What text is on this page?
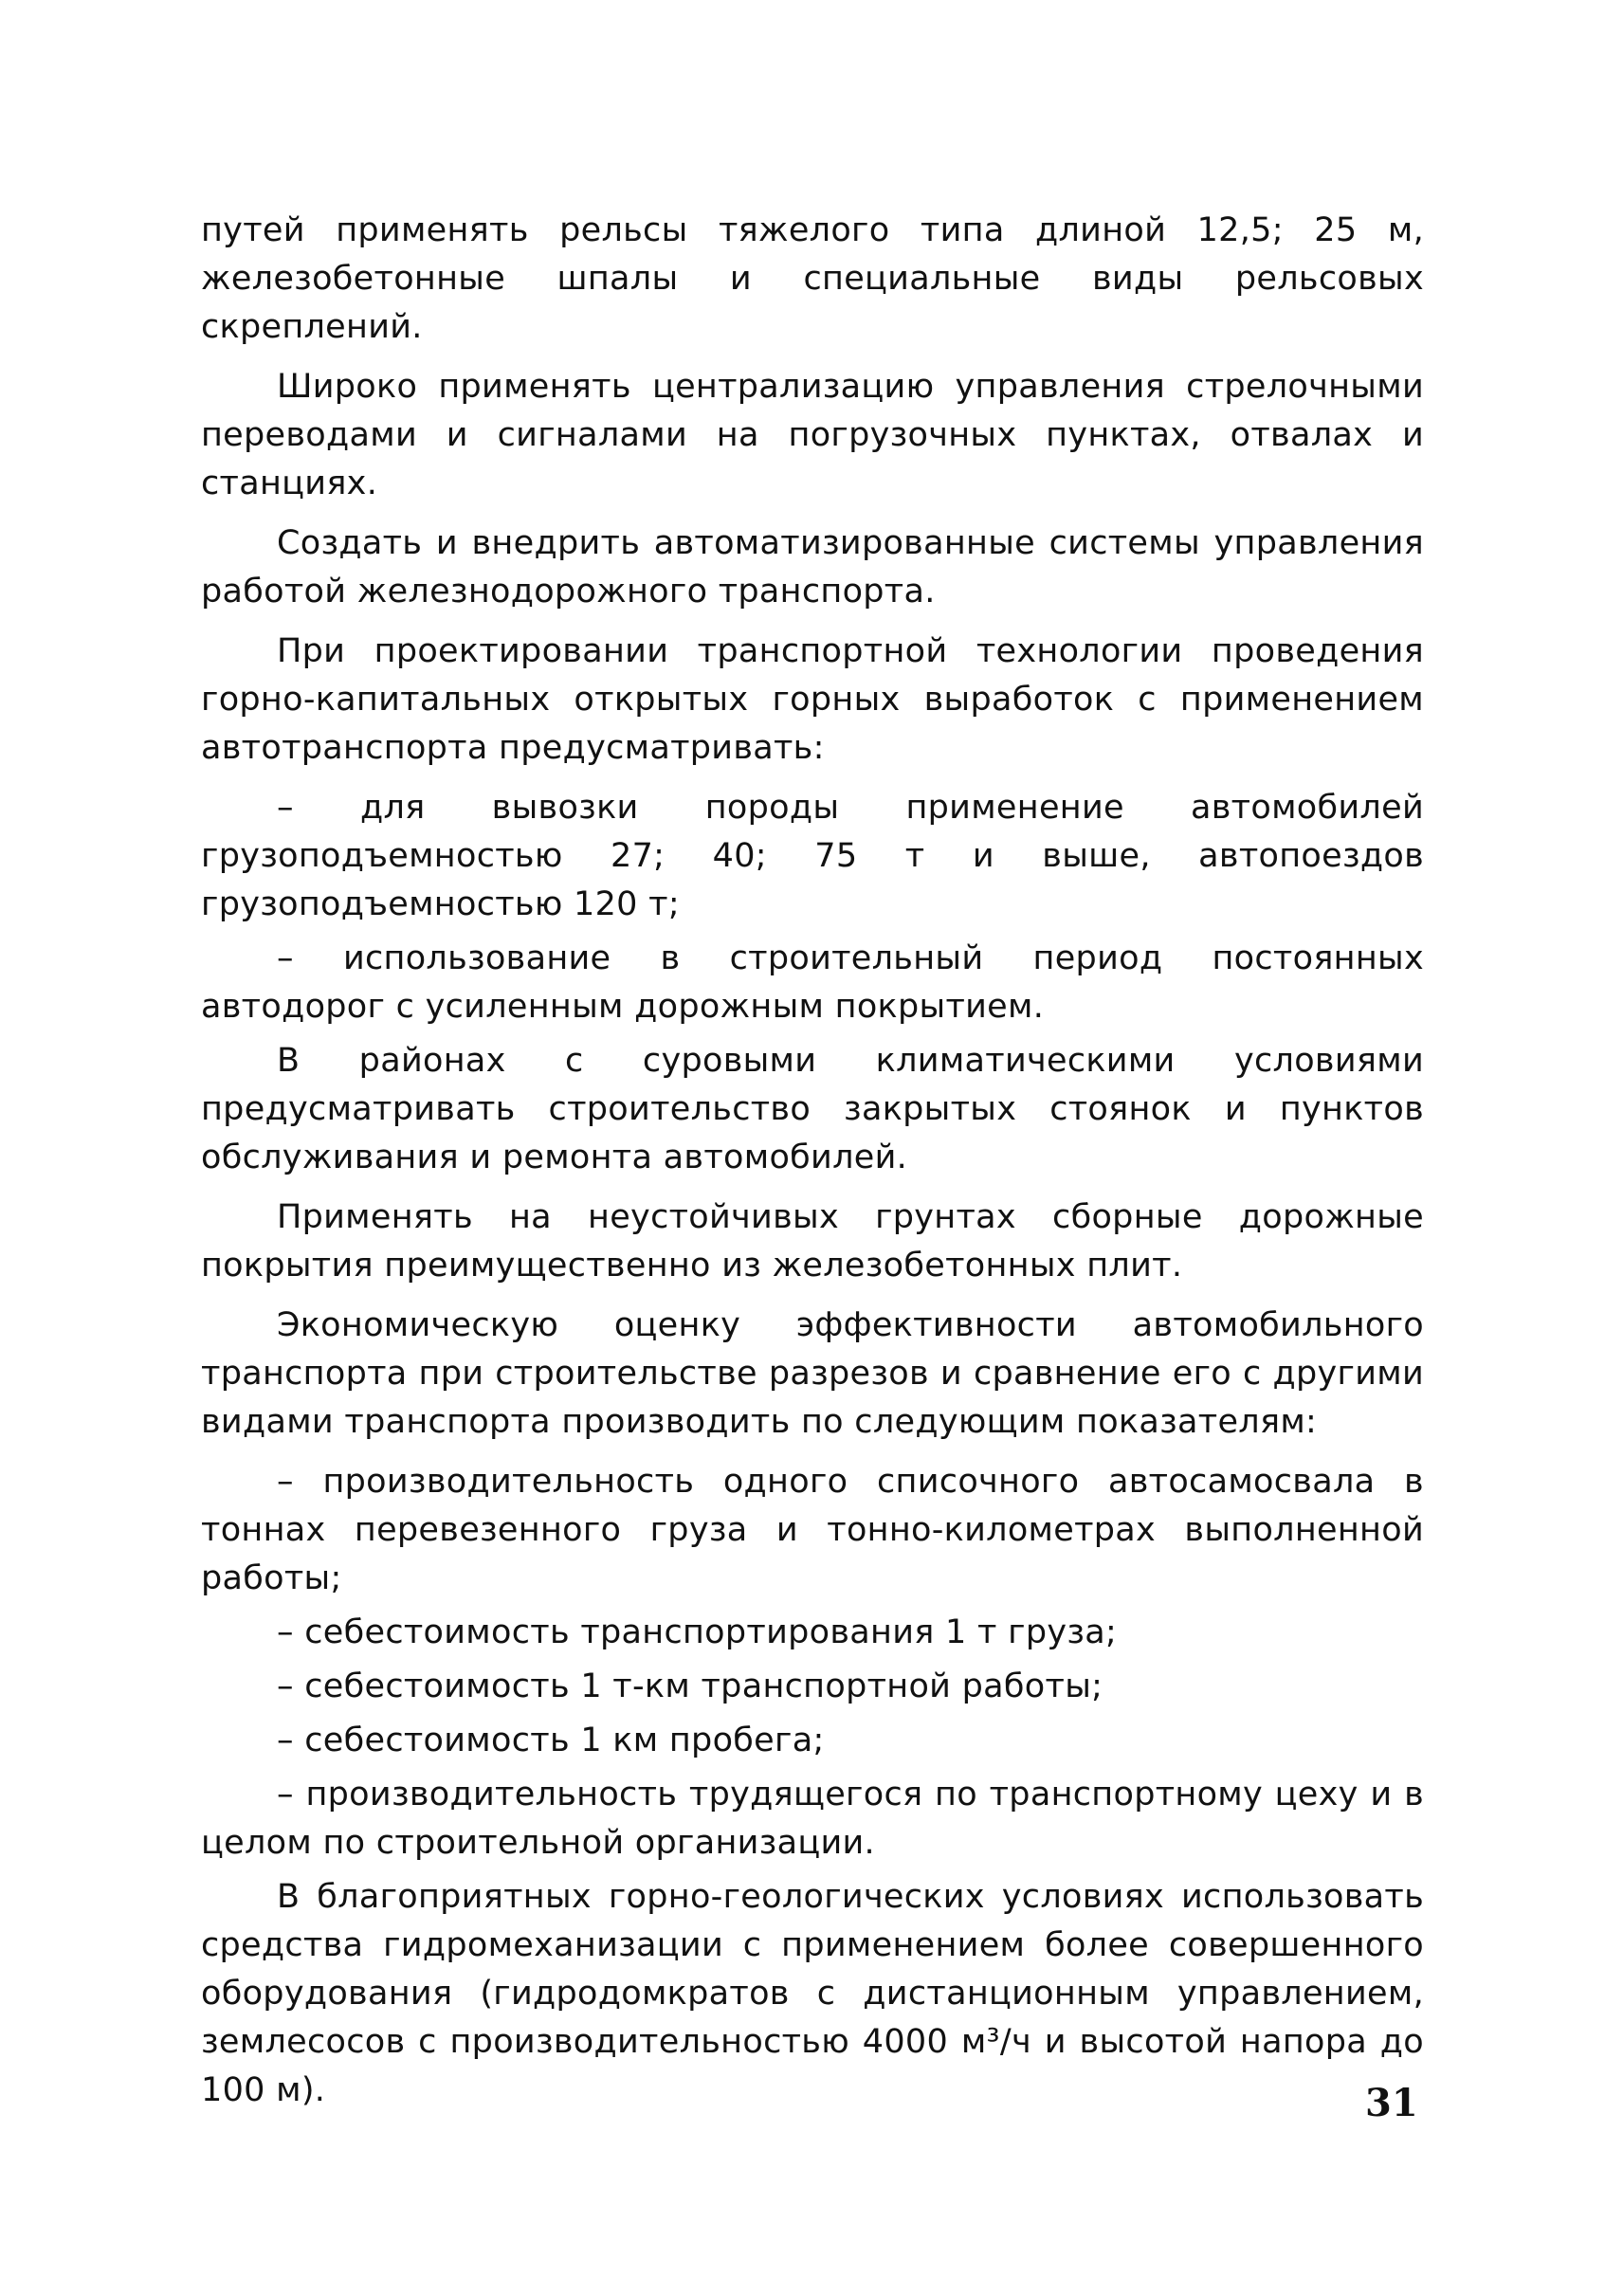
путей применять рельсы тяжелого типа длиной 12,5; 25 м, железобетонные шпалы и специальные виды рельсовых скреплений.

Широко применять централизацию управления стрелочными переводами и сигналами на погрузочных пунктах, отвалах и станциях.

Создать и внедрить автоматизированные системы управления работой железнодорожного транспорта.

При проектировании транспортной технологии проведения горно-капитальных открытых горных выработок с применением автотранспорта предусматривать:

– для вывозки породы применение автомобилей грузоподъемностью 27; 40; 75 т и выше, автопоездов грузоподъемностью 120 т;

– использование в строительный период постоянных автодорог с усиленным дорожным покрытием.

В районах с суровыми климатическими условиями предусматривать строительство закрытых стоянок и пунктов обслуживания и ремонта автомобилей.

Применять на неустойчивых грунтах сборные дорожные покрытия преимущественно из железобетонных плит.

Экономическую оценку эффективности автомобильного транспорта при строительстве разрезов и сравнение его с другими видами транспорта производить по следующим показателям:

– производительность одного списочного автосамосвала в тоннах перевезенного груза и тонно-километрах выполненной работы;

– себестоимость транспортирования 1 т груза;

– себестоимость 1 т-км транспортной работы;

– себестоимость 1 км пробега;

– производительность трудящегося по транспортному цеху и в целом по строительной организации.

В благоприятных горно-геологических условиях использовать средства гидромеханизации с применением более совершенного оборудования (гидродомкратов с дистанционным управлением, землесосов с производительностью 4000 м³/ч и высотой напора до 100 м).	31
